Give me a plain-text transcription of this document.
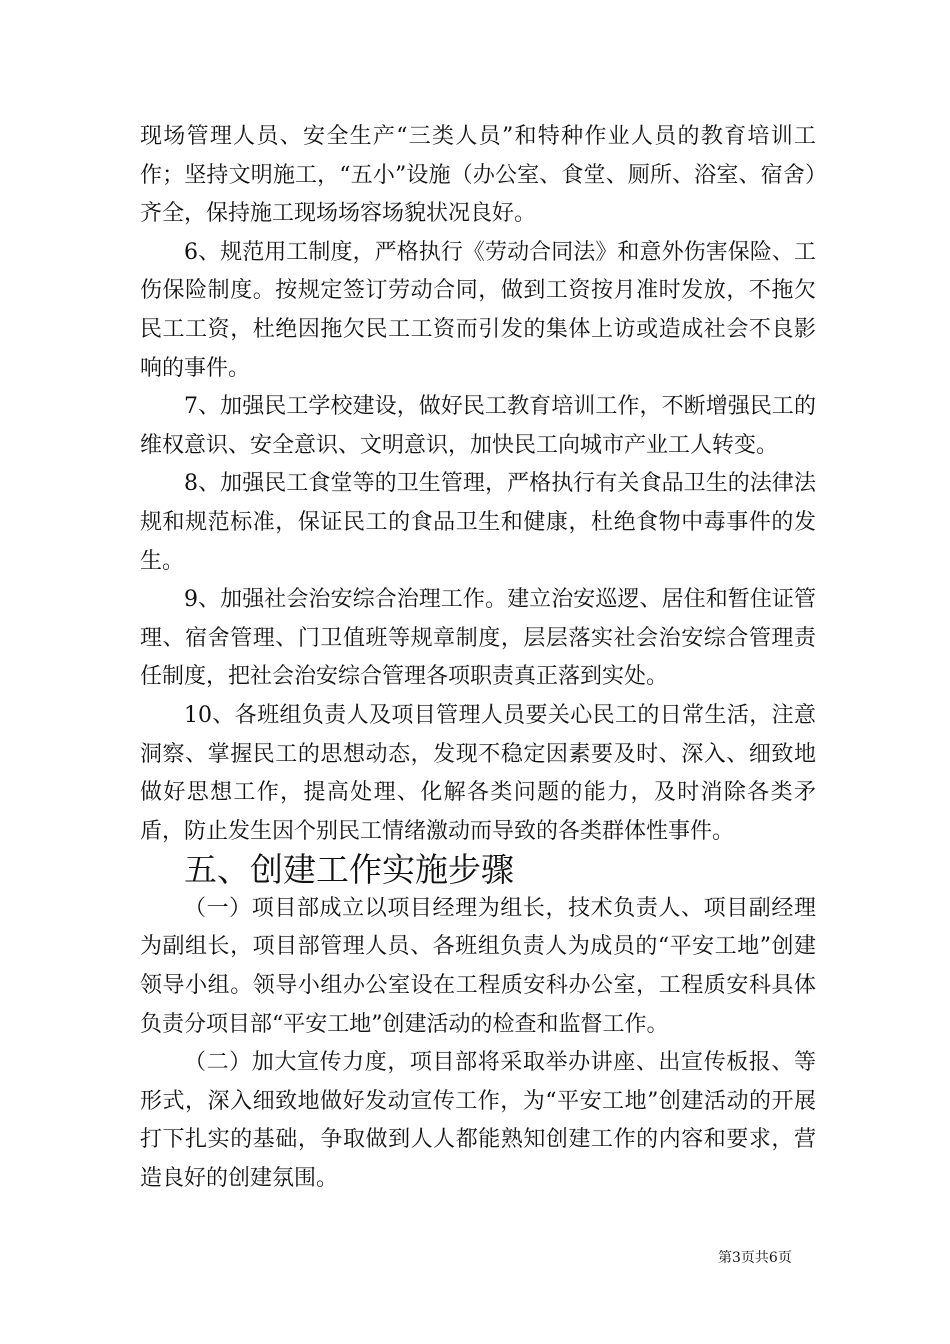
现场管理人员、安全生产“三类人员”和特种作业人员的教育培训工作；坚持文明施工，“五小”设施（办公室、食堂、厕所、浴室、宿舍）齐全，保持施工现场场容场貌状况良好。

6、规范用工制度，严格执行《劳动合同法》和意外伤害保险、工伤保险制度。按规定签订劳动合同，做到工资按月准时发放，不拖欠民工工资，杜绝因拖欠民工工资而引发的集体上访或造成社会不良影响的事件。

7、加强民工学校建设，做好民工教育培训工作，不断增强民工的维权意识、安全意识、文明意识，加快民工向城市产业工人转变。

8、加强民工食堂等的卫生管理，严格执行有关食品卫生的法律法规和规范标准，保证民工的食品卫生和健康，杜绝食物中毒事件的发生。

9、加强社会治安综合治理工作。建立治安巡逻、居住和暂住证管理、宿舍管理、门卫值班等规章制度，层层落实社会治安综合管理责任制度，把社会治安综合管理各项职责真正落到实处。

10、各班组负责人及项目管理人员要关心民工的日常生活，注意洞察、掌握民工的思想动态，发现不稳定因素要及时、深入、细致地做好思想工作，提高处理、化解各类问题的能力，及时消除各类矛盾，防止发生因个别民工情绪激动而导致的各类群体性事件。

五、创建工作实施步骤

（一）项目部成立以项目经理为组长，技术负责人、项目副经理为副组长，项目部管理人员、各班组负责人为成员的“平安工地”创建领导小组。领导小组办公室设在工程质安科办公室，工程质安科具体负责分项目部“平安工地”创建活动的检查和监督工作。

（二）加大宣传力度，项目部将采取举办讲座、出宣传板报、等形式，深入细致地做好发动宣传工作，为“平安工地”创建活动的开展打下扎实的基础，争取做到人人都能熟知创建工作的内容和要求，营造良好的创建氛围。

第3页共6页
